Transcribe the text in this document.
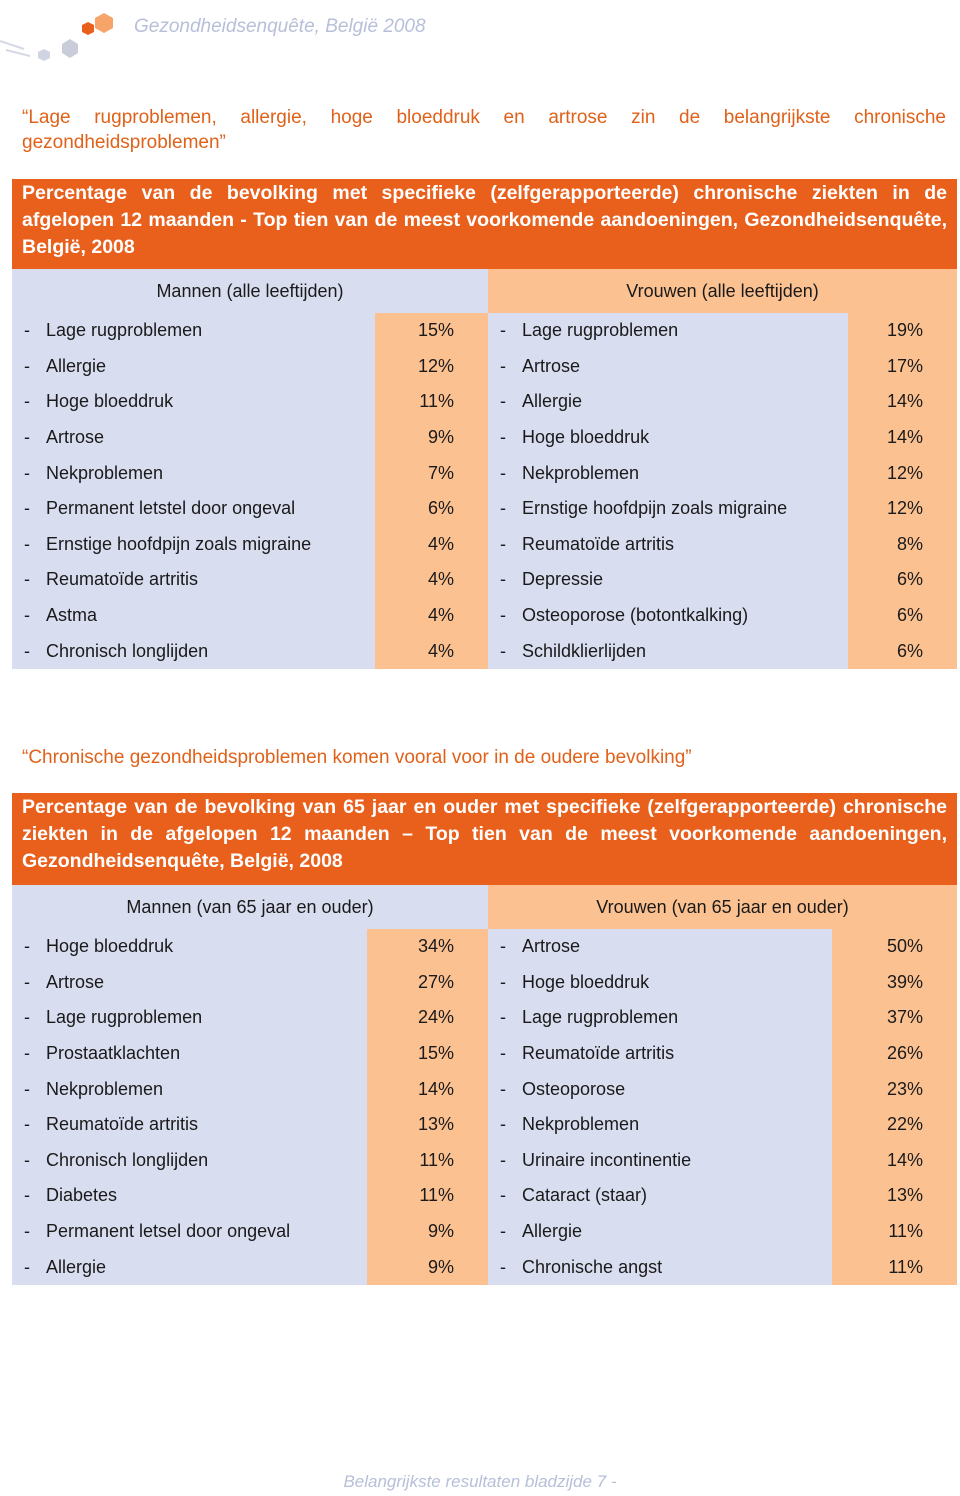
Gezondheidsenquête, België 2008
“Lage rugproblemen, allergie, hoge bloeddruk en artrose zin de belangrijkste chronische gezondheidsproblemen”
Percentage van de bevolking met specifieke (zelfgerapporteerde) chronische ziekten in de afgelopen 12 maanden - Top tien van de meest voorkomende aandoeningen, Gezondheidsenquête, België, 2008
Mannen (alle leeftijden)		Vrouwen (alle leeftijden)	
- Lage rugproblemen	15%	- Lage rugproblemen	19%
- Allergie	12%	- Artrose	17%
- Hoge bloeddruk	11%	- Allergie	14%
- Artrose	9%	- Hoge bloeddruk	14%
- Nekproblemen	7%	- Nekproblemen	12%
- Permanent letstel door ongeval	6%	- Ernstige hoofdpijn zoals migraine	12%
- Ernstige hoofdpijn zoals migraine	4%	- Reumatoïde artritis	8%
- Reumatoïde artritis	4%	- Depressie	6%
- Astma	4%	- Osteoporose (botontkalking)	6%
- Chronisch longlijden	4%	- Schildklierlijden	6%
“Chronische gezondheidsproblemen komen vooral voor in de oudere bevolking”
Percentage van de bevolking van 65 jaar en ouder met specifieke (zelfgerapporteerde) chronische ziekten in de afgelopen 12 maanden – Top tien van de meest voorkomende aandoeningen, Gezondheidsenquête, België, 2008
Mannen (van 65 jaar en ouder)		Vrouwen (van 65 jaar en ouder)	
- Hoge bloeddruk	34%	- Artrose	50%
- Artrose	27%	- Hoge bloeddruk	39%
- Lage rugproblemen	24%	- Lage rugproblemen	37%
- Prostaatklachten	15%	- Reumatoïde artritis	26%
- Nekproblemen	14%	- Osteoporose	23%
- Reumatoïde artritis	13%	- Nekproblemen	22%
- Chronisch longlijden	11%	- Urinaire incontinentie	14%
- Diabetes	11%	- Cataract (staar)	13%
- Permanent letsel door ongeval	9%	- Allergie	11%
- Allergie	9%	- Chronische angst	11%
Belangrijkste resultaten bladzijde 7 -
